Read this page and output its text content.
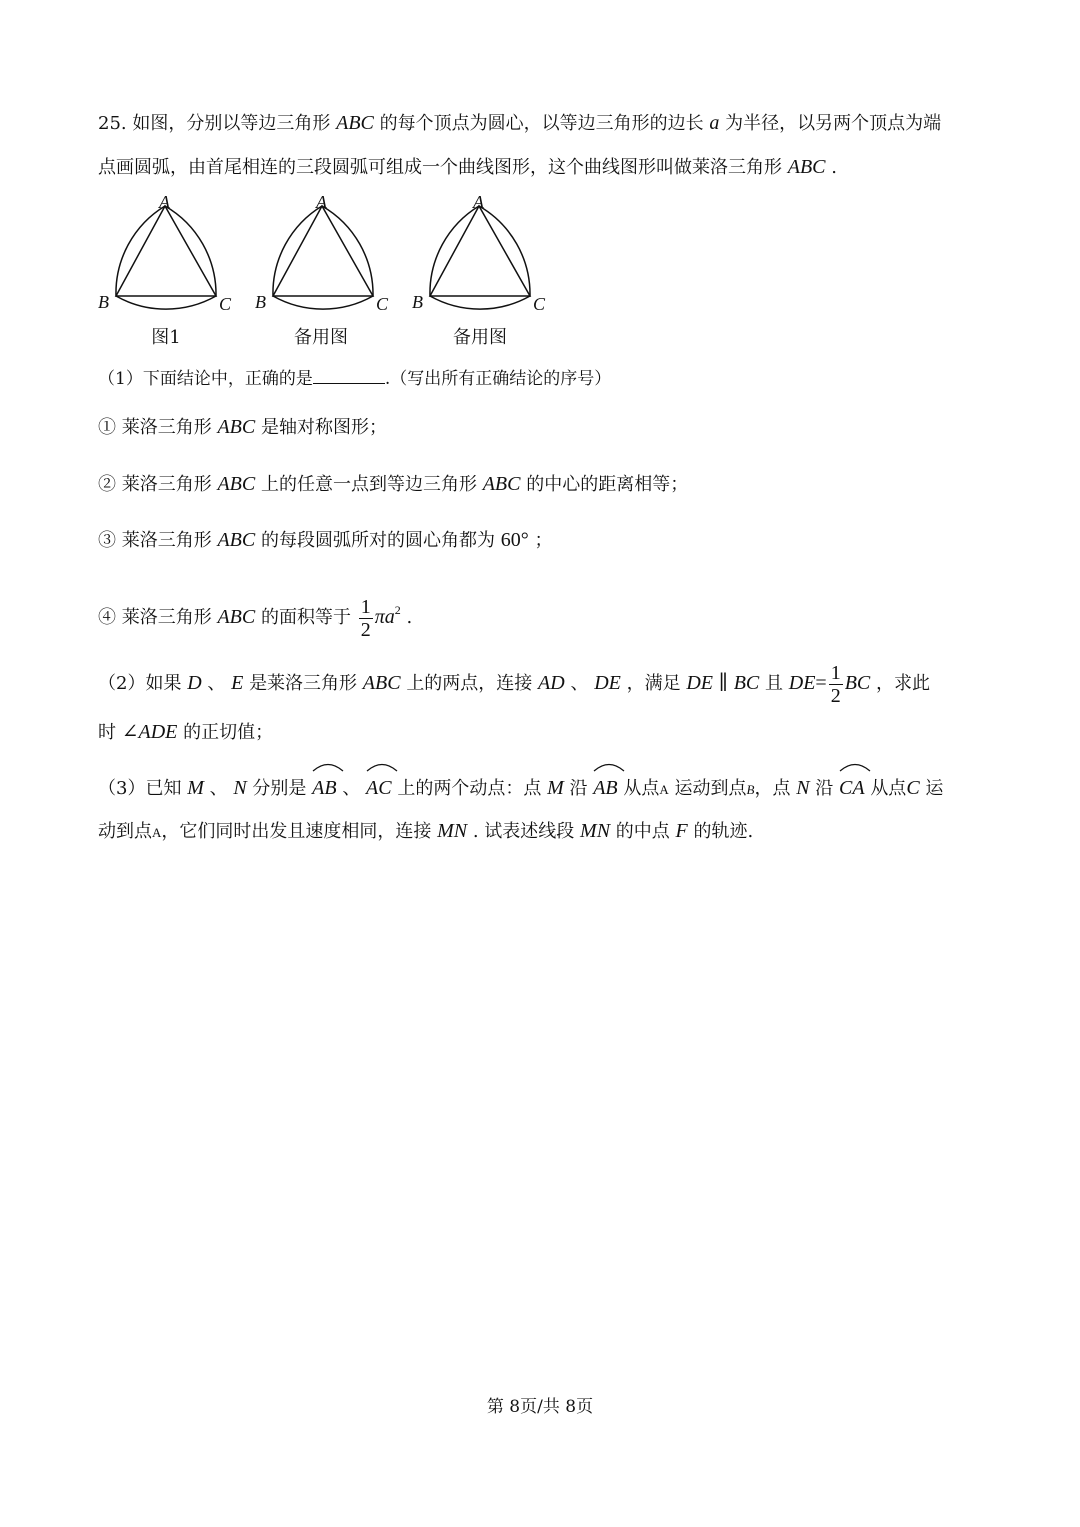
25. 如图，分别以等边三角形 ABC 的每个顶点为圆心，以等边三角形的边长 a 为半径，以另两个顶点为端
点画圆弧，由首尾相连的三段圆弧可组成一个曲线图形，这个曲线图形叫做莱洛三角形 ABC .
A
B	C
A
B	C
A
B	C
图1	备用图	备用图
（1）下面结论中，正确的是	.（写出所有正确结论的序号）
① 莱洛三角形 ABC 是轴对称图形；
② 莱洛三角形 ABC 上的任意一点到等边三角形 ABC 的中心的距离相等；
③ 莱洛三角形 ABC 的每段圆弧所对的圆心角都为 60° ；
④ 莱洛三角形 ABC 的面积等于 $\frac{1}{2} \pi a^2$ .
（2）如果 D 、 E 是莱洛三角形 ABC 上的两点，连接 AD 、 DE ，满足 DE ∥ BC 且 $DE= \frac{1}{2}$ BC ，求此
时 ∠ADE 的正切值；
（3）已知 M 、 N 分别是 AB 、 AC 上的两个动点：点 M 沿 AB 从点A 运动到点B，点 N 沿 CA 从点C 运
动到点A，它们同时出发且速度相同，连接 MN . 试表述线段 MN 的中点 F 的轨迹.
第 8页/共 8页
